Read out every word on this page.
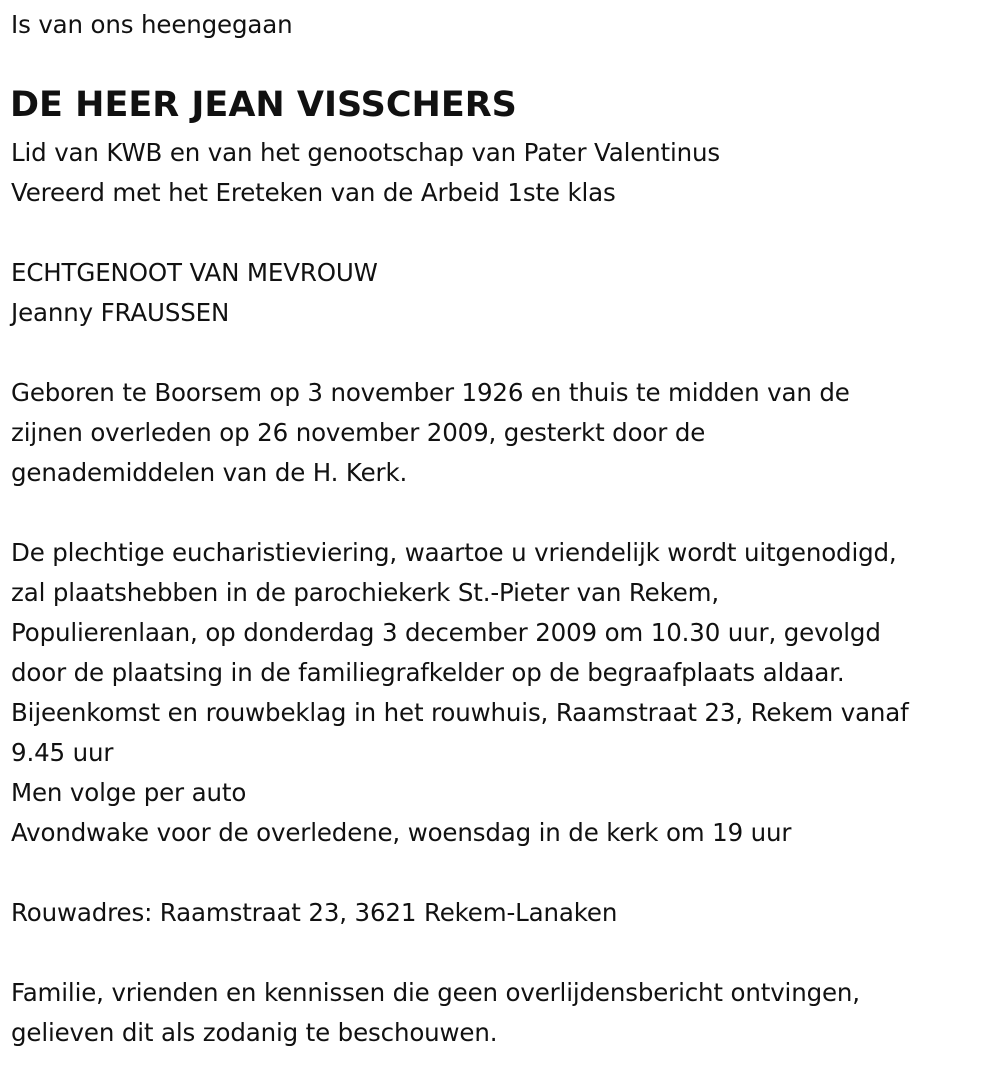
Is van ons heengegaan
DE HEER JEAN VISSCHERS
Lid van KWB en van het genootschap van Pater Valentinus
Vereerd met het Ereteken van de Arbeid 1ste klas
ECHTGENOOT VAN MEVROUW
Jeanny FRAUSSEN
Geboren te Boorsem op 3 november 1926 en thuis te midden van de
zijnen overleden op 26 november 2009, gesterkt door de
genademiddelen van de H. Kerk.
De plechtige eucharistieviering, waartoe u vriendelijk wordt uitgenodigd,
zal plaatshebben in de parochiekerk St.-Pieter van Rekem,
Populierenlaan, op donderdag 3 december 2009 om 10.30 uur, gevolgd
door de plaatsing in de familiegrafkelder op de begraafplaats aldaar.
Bijeenkomst en rouwbeklag in het rouwhuis, Raamstraat 23, Rekem vanaf
9.45 uur
Men volge per auto
Avondwake voor de overledene, woensdag in de kerk om 19 uur
Rouwadres: Raamstraat 23, 3621 Rekem-Lanaken
Familie, vrienden en kennissen die geen overlijdensbericht ontvingen,
gelieven dit als zodanig te beschouwen.
